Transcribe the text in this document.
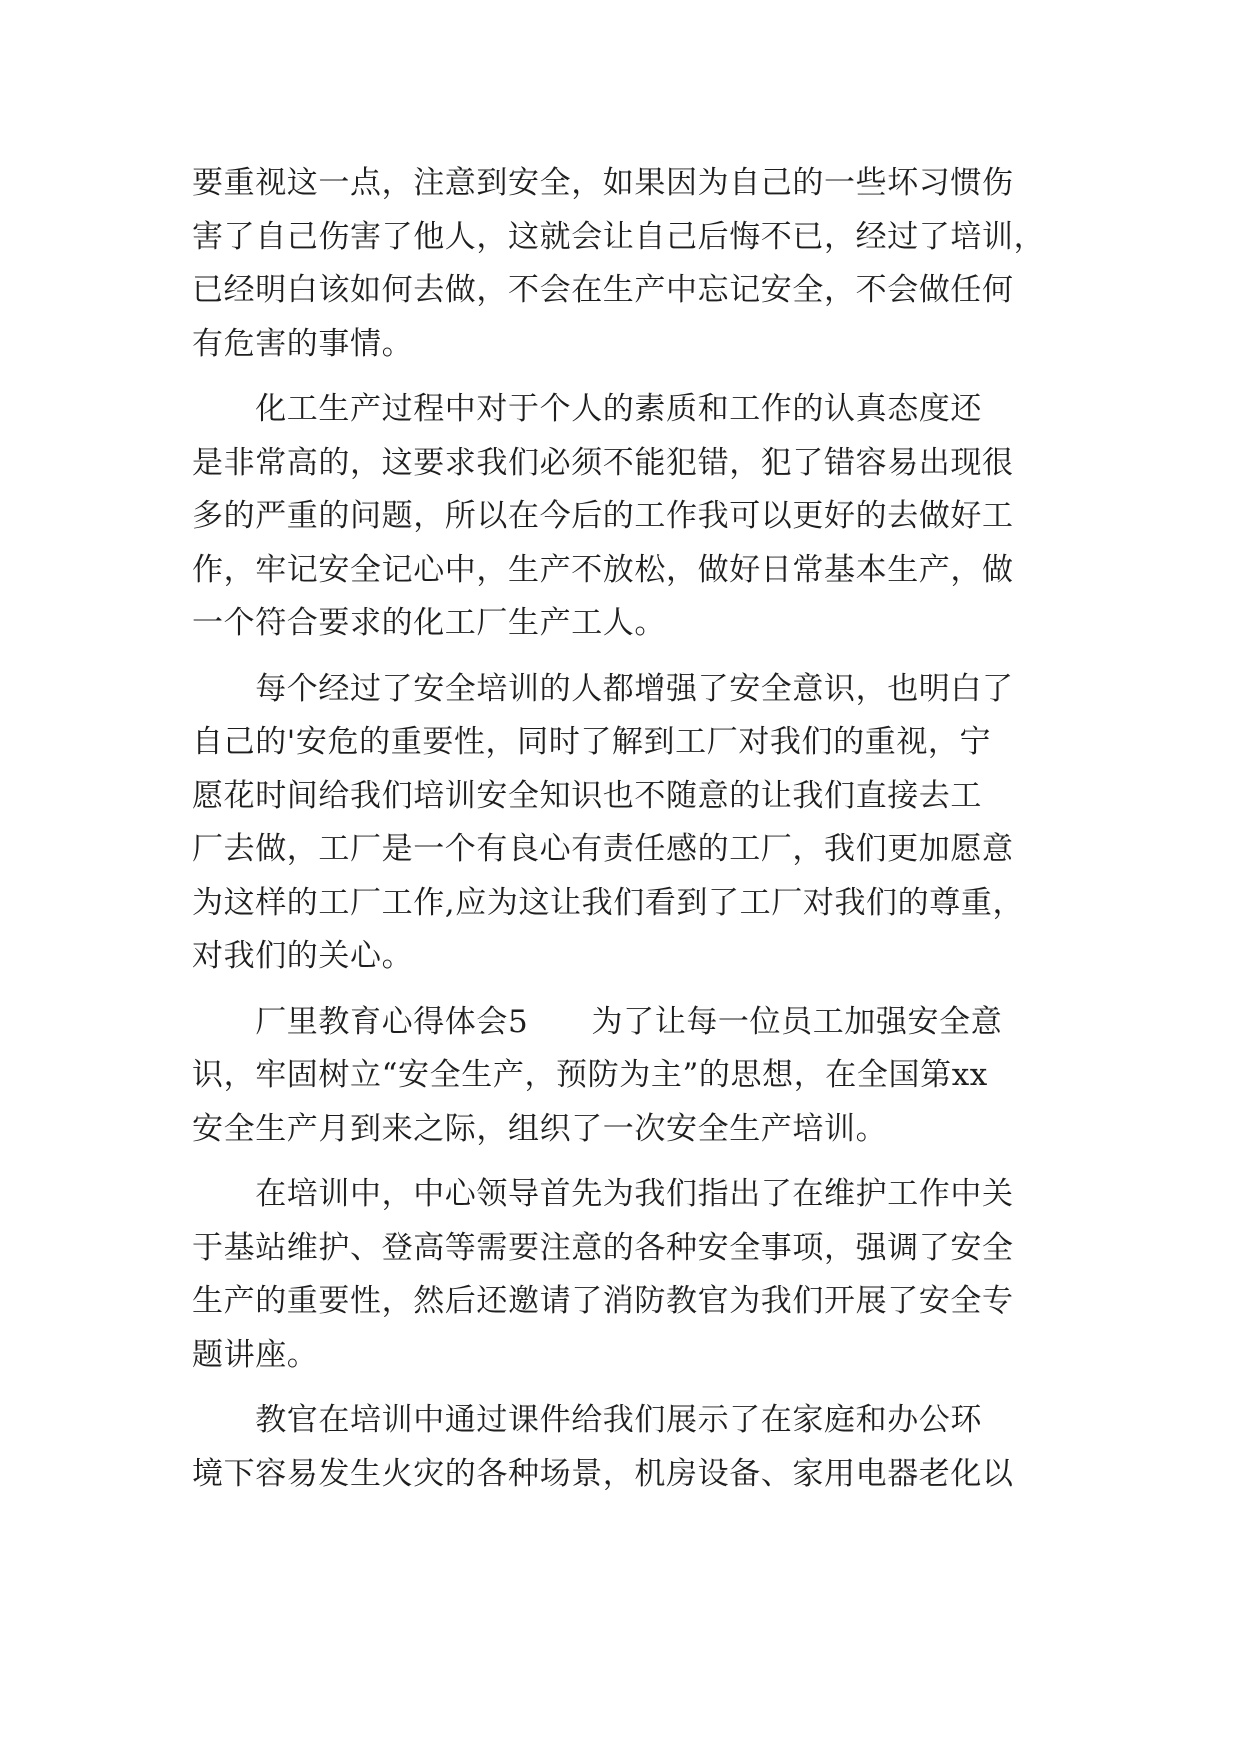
要重视这一点，注意到安全，如果因为自己的一些坏习惯伤
害了自己伤害了他人，这就会让自己后悔不已，经过了培训，
已经明白该如何去做，不会在生产中忘记安全，不会做任何
有危害的事情。

　　化工生产过程中对于个人的素质和工作的认真态度还
是非常高的，这要求我们必须不能犯错，犯了错容易出现很
多的严重的问题，所以在今后的工作我可以更好的去做好工
作，牢记安全记心中，生产不放松，做好日常基本生产，做
一个符合要求的化工厂生产工人。

　　每个经过了安全培训的人都增强了安全意识，也明白了
自己的'安危的重要性，同时了解到工厂对我们的重视，宁
愿花时间给我们培训安全知识也不随意的让我们直接去工
厂去做，工厂是一个有良心有责任感的工厂，我们更加愿意
为这样的工厂工作,应为这让我们看到了工厂对我们的尊重，
对我们的关心。

　　厂里教育心得体会5　　为了让每一位员工加强安全意
识，牢固树立“安全生产，预防为主”的思想，在全国第xx
安全生产月到来之际，组织了一次安全生产培训。

　　在培训中，中心领导首先为我们指出了在维护工作中关
于基站维护、登高等需要注意的各种安全事项，强调了安全
生产的重要性，然后还邀请了消防教官为我们开展了安全专
题讲座。

　　教官在培训中通过课件给我们展示了在家庭和办公环
境下容易发生火灾的各种场景，机房设备、家用电器老化以
